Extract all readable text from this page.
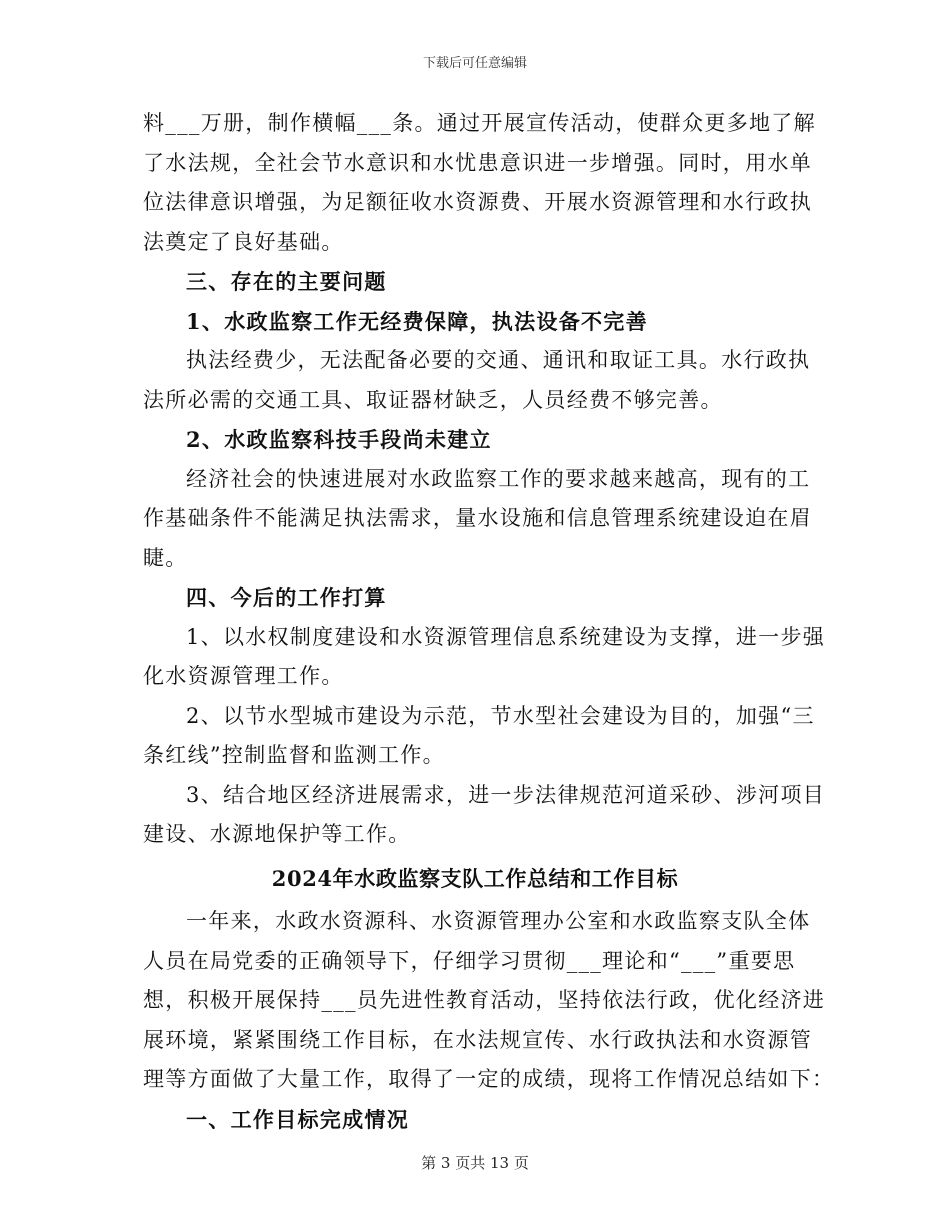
下载后可任意编辑
料___万册，制作横幅___条。通过开展宣传活动，使群众更多地了解
了水法规，全社会节水意识和水忧患意识进一步增强。同时，用水单
位法律意识增强，为足额征收水资源费、开展水资源管理和水行政执
法奠定了良好基础。
三、存在的主要问题
1、水政监察工作无经费保障，执法设备不完善
执法经费少，无法配备必要的交通、通讯和取证工具。水行政执
法所必需的交通工具、取证器材缺乏，人员经费不够完善。
2、水政监察科技手段尚未建立
经济社会的快速进展对水政监察工作的要求越来越高，现有的工
作基础条件不能满足执法需求，量水设施和信息管理系统建设迫在眉
睫。
四、今后的工作打算
1、以水权制度建设和水资源管理信息系统建设为支撑，进一步强
化水资源管理工作。
2、以节水型城市建设为示范，节水型社会建设为目的，加强“三
条红线”控制监督和监测工作。
3、结合地区经济进展需求，进一步法律规范河道采砂、涉河项目
建设、水源地保护等工作。
2024年水政监察支队工作总结和工作目标
一年来，水政水资源科、水资源管理办公室和水政监察支队全体
人员在局党委的正确领导下，仔细学习贯彻___理论和“___”重要思
想，积极开展保持___员先进性教育活动，坚持依法行政，优化经济进
展环境，紧紧围绕工作目标，在水法规宣传、水行政执法和水资源管
理等方面做了大量工作，取得了一定的成绩，现将工作情况总结如下：
一、工作目标完成情况
第 3 页共 13 页
